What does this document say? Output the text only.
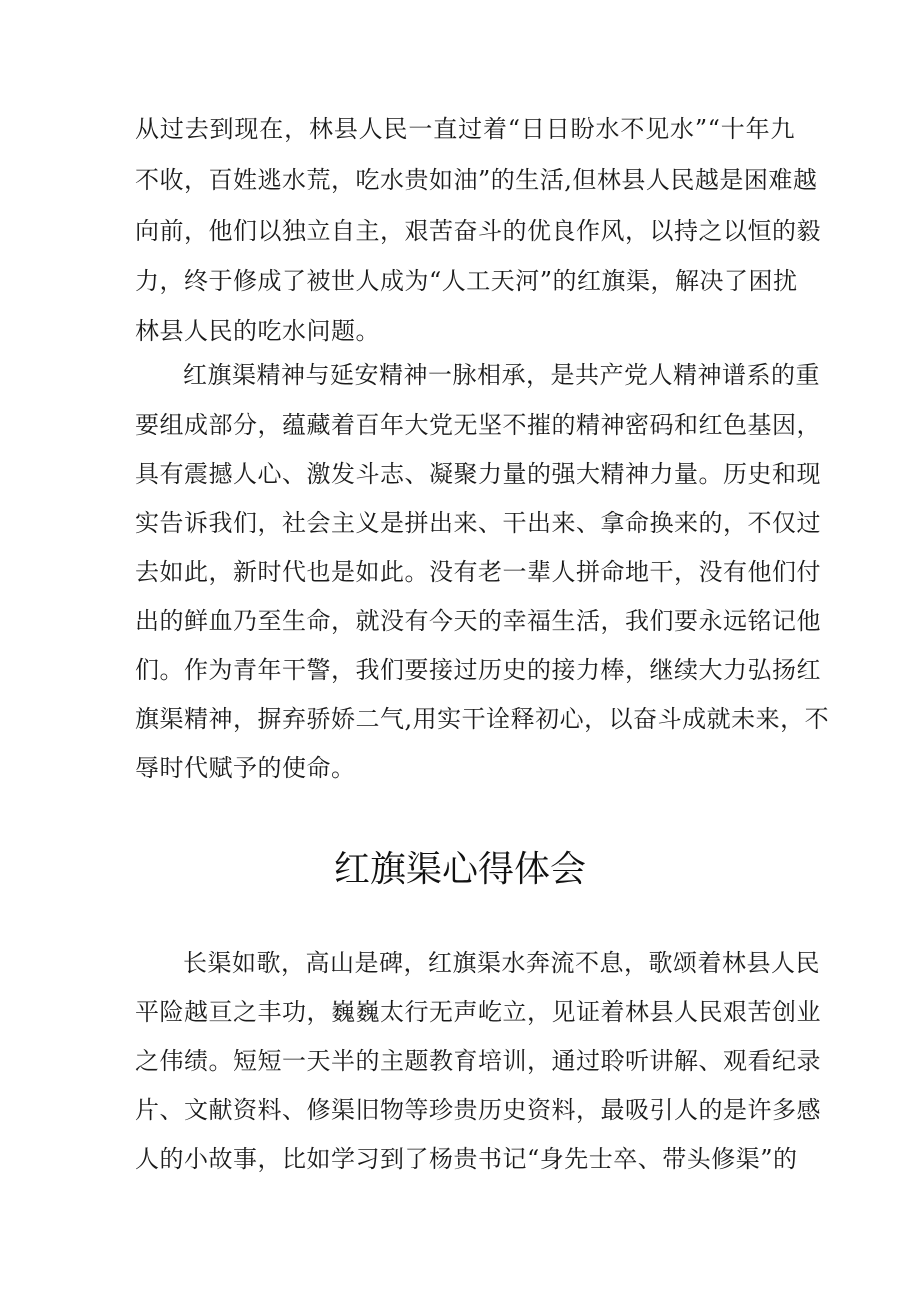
从过去到现在，林县人民一直过着“日日盼水不见水”“十年九
不收，百姓逃水荒，吃水贵如油”的生活,但林县人民越是困难越
向前，他们以独立自主，艰苦奋斗的优良作风，以持之以恒的毅
力，终于修成了被世人成为“人工天河”的红旗渠，解决了困扰
林县人民的吃水问题。
红旗渠精神与延安精神一脉相承，是共产党人精神谱系的重
要组成部分，蕴藏着百年大党无坚不摧的精神密码和红色基因，
具有震撼人心、激发斗志、凝聚力量的强大精神力量。历史和现
实告诉我们，社会主义是拼出来、干出来、拿命换来的，不仅过
去如此，新时代也是如此。没有老一辈人拼命地干，没有他们付
出的鲜血乃至生命，就没有今天的幸福生活，我们要永远铭记他
们。作为青年干警，我们要接过历史的接力棒，继续大力弘扬红
旗渠精神，摒弃骄娇二气,用实干诠释初心，以奋斗成就未来，不
辱时代赋予的使命。
红旗渠心得体会
长渠如歌，高山是碑，红旗渠水奔流不息，歌颂着林县人民
平险越亘之丰功，巍巍太行无声屹立，见证着林县人民艰苦创业
之伟绩。短短一天半的主题教育培训，通过聆听讲解、观看纪录
片、文献资料、修渠旧物等珍贵历史资料，最吸引人的是许多感
人的小故事，比如学习到了杨贵书记“身先士卒、带头修渠”的
